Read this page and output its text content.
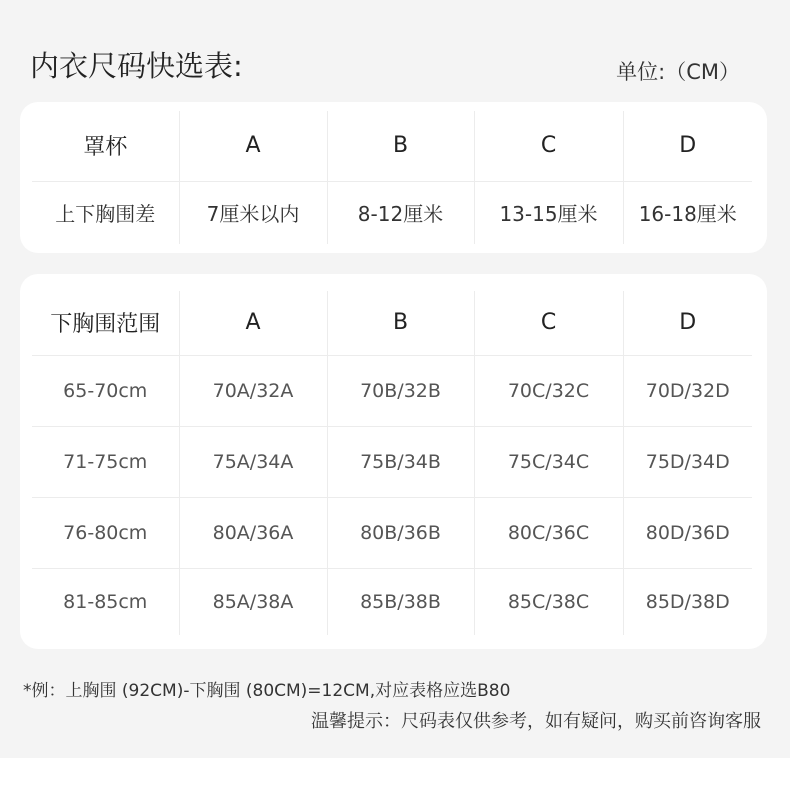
内衣尺码快选表:	单位:（CM）
罩杯	A	B	C	D
上下胸围差	7厘米以内	8-12厘米	13-15厘米	16-18厘米
下胸围范围	A	B	C	D
65-70cm	70A/32A	70B/32B	70C/32C	70D/32D
71-75cm	75A/34A	75B/34B	75C/34C	75D/34D
76-80cm	80A/36A	80B/36B	80C/36C	80D/36D
81-85cm	85A/38A	85B/38B	85C/38C	85D/38D
*例：上胸围 (92CM)-下胸围 (80CM)=12CM,对应表格应选B80
温馨提示：尺码表仅供参考，如有疑问，购买前咨询客服
